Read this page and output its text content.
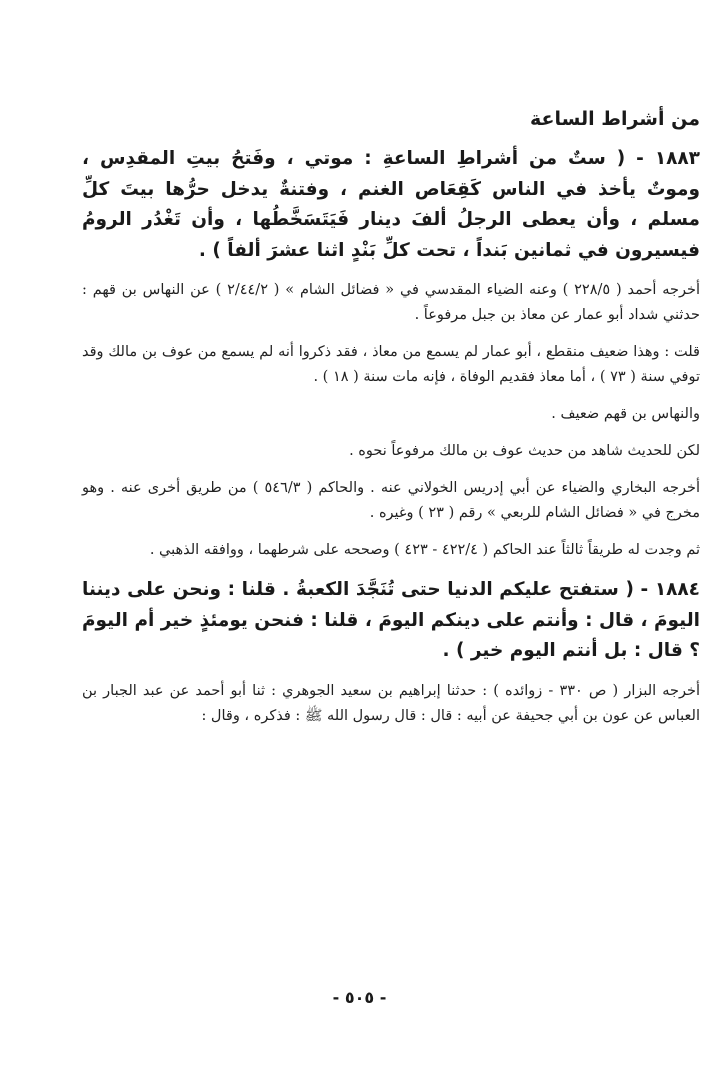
من أشراط الساعة

١٨٨٣ - ( ستٌ من أشراطِ الساعةِ : موتي ، وفَتحُ بيتِ المقدِس ، وموتٌ يأخذ في الناس كَقِعَاص الغنم ، وفتنةٌ يدخل حرُّها بيتَ كلِّ مسلم ، وأن يعطى الرجلُ ألفَ دينار فَيَتَسَخَّطُها ، وأن تَغْدُر الرومُ فيسيرون في ثمانين بَنداً ، تحت كلِّ بَنْدٍ اثنا عشرَ ألفاً ) .

أخرجه أحمد ( ٢٢٨/٥ ) وعنه الضياء المقدسي في « فضائل الشام » ( ٢/٤٤/٢ ) عن النهاس بن قهم : حدثني شداد أبو عمار عن معاذ بن جبل مرفوعاً .

قلت : وهذا ضعيف منقطع ، أبو عمار لم يسمع من معاذ ، فقد ذكروا أنه لم يسمع من عوف بن مالك وقد توفي سنة ( ٧٣ ) ، أما معاذ فقديم الوفاة ، فإنه مات سنة ( ١٨ ) .

والنهاس بن قهم ضعيف .

لكن للحديث شاهد من حديث عوف بن مالك مرفوعاً نحوه .

أخرجه البخاري والضياء عن أبي إدريس الخولاني عنه . والحاكم ( ٥٤٦/٣ ) من طريق أخرى عنه . وهو مخرج في « فضائل الشام للربعي » رقم ( ٢٣ ) وغيره .

ثم وجدت له طريقاً ثالثاً عند الحاكم ( ٤٢٢/٤ - ٤٢٣ ) وصححه على شرطهما ، ووافقه الذهبي .

١٨٨٤ - ( ستفتح عليكم الدنيا حتى تُنَجَّدَ الكعبةُ . قلنا : ونحن على ديننا اليومَ ، قال : وأنتم على دينكم اليومَ ، قلنا : فنحن يومئذٍ خير أم اليومَ ؟ قال : بل أنتم اليوم خير ) .

أخرجه البزار ( ص ٣٣٠ - زوائده ) : حدثنا إبراهيم بن سعيد الجوهري : ثنا أبو أحمد عن عبد الجبار بن العباس عن عون بن أبي جحيفة عن أبيه : قال : قال رسول الله ﷺ : فذكره ، وقال :

- ٥٠٥ -
